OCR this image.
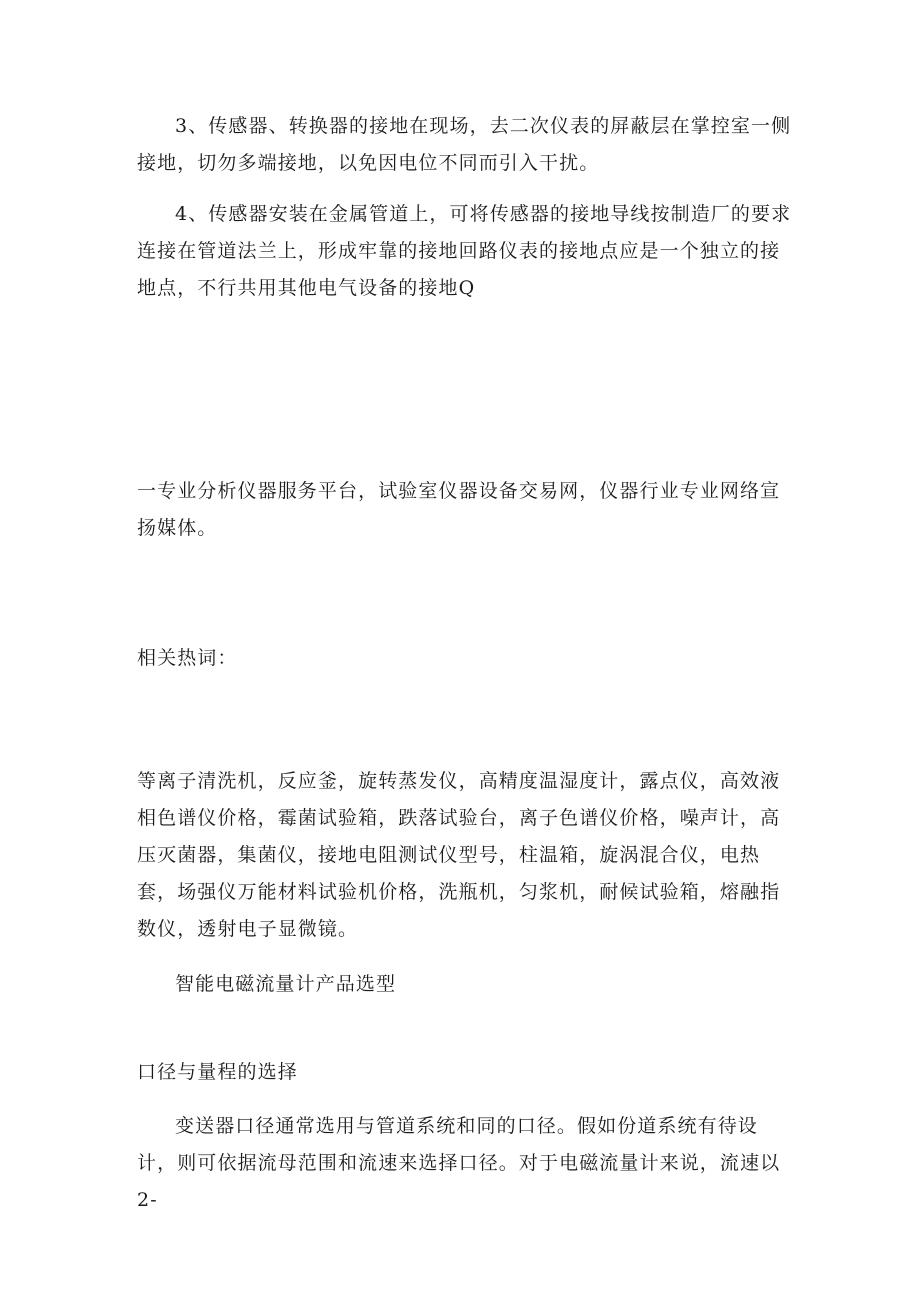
3、传感器、转换器的接地在现场，去二次仪表的屏蔽层在掌控室一侧接地，切勿多端接地，以免因电位不同而引入干扰。

4、传感器安装在金属管道上，可将传感器的接地导线按制造厂的要求连接在管道法兰上，形成牢靠的接地回路仪表的接地点应是一个独立的接地点，不行共用其他电气设备的接地Q

一专业分析仪器服务平台，试验室仪器设备交易网，仪器行业专业网络宣扬媒体。

相关热词：

等离子清洗机，反应釜，旋转蒸发仪，高精度温湿度计，露点仪，高效液相色谱仪价格，霉菌试验箱，跌落试验台，离子色谱仪价格，噪声计，高压灭菌器，集菌仪，接地电阻测试仪型号，柱温箱，旋涡混合仪，电热套，场强仪万能材料试验机价格，洗瓶机，匀浆机，耐候试验箱，熔融指数仪，透射电子显微镜。

智能电磁流量计产品选型

口径与量程的选择

变送器口径通常选用与管道系统和同的口径。假如份道系统有待设计，则可依据流母范围和流速来选择口径。对于电磁流量计来说，流速以2-
